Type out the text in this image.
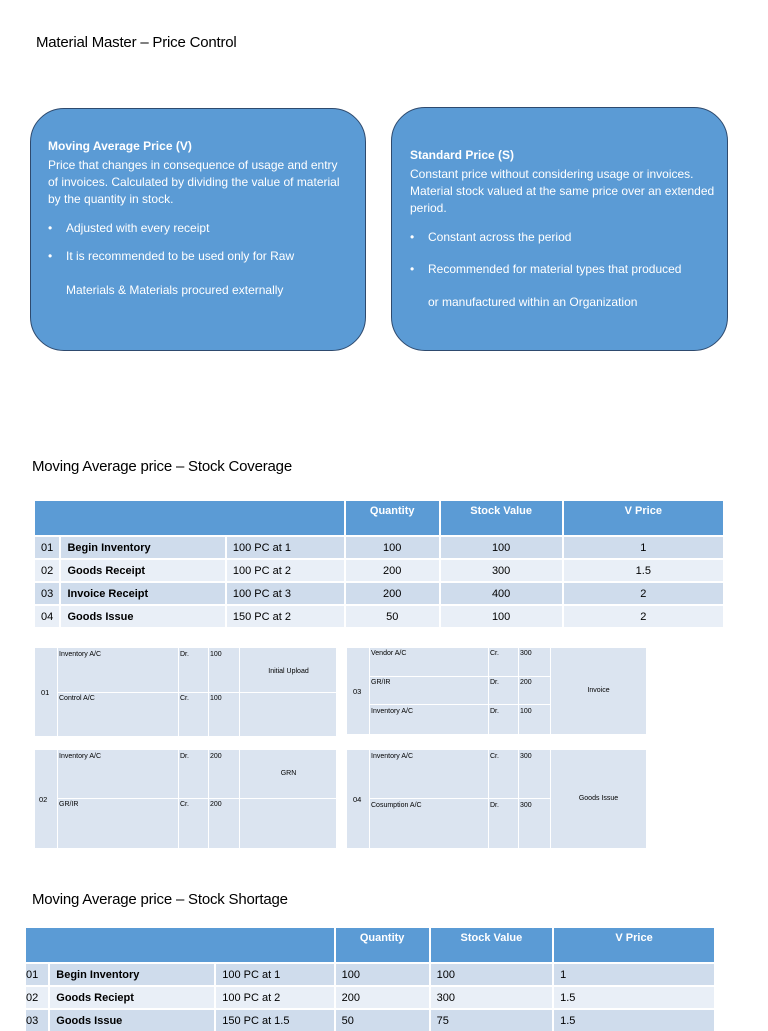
Material Master – Price Control
Moving Average Price (V)
Price that changes in consequence of usage and entry of invoices. Calculated by dividing the value of material by the quantity in stock.
• Adjusted with every receipt
• It is recommended to be used only for Raw
Materials & Materials procured externally
Standard Price (S)
Constant price without considering usage or invoices. Material stock valued at the same price over an extended period.
• Constant across the period
• Recommended for material types that produced
or manufactured within an Organization
Moving Average price – Stock Coverage
			Quantity	Stock Value	V Price
01	Begin Inventory	100 PC at 1	100	100	1
02	Goods Receipt	100 PC at 2	200	300	1.5
03	Invoice Receipt	100 PC at 3	200	400	2
04	Goods Issue	150 PC at 2	50	100	2
01
Inventory A/C	Dr.	100
Control A/C	Cr.	100
Initial Upload
03
Vendor A/C	Cr.	300
GR/IR	Dr.	200
Inventory A/C	Dr.	100
Invoice
02
Inventory A/C	Dr.	200
GR/IR	Cr.	200
GRN
04
Inventory A/C	Cr.	300
Cosumption A/C	Dr.	300
Goods Issue
Moving Average price – Stock Shortage
			Quantity	Stock Value	V Price
01	Begin Inventory	100 PC at 1	100	100	1
02	Goods Reciept	100 PC at 2	200	300	1.5
03	Goods Issue	150 PC at 1.5	50	75	1.5
